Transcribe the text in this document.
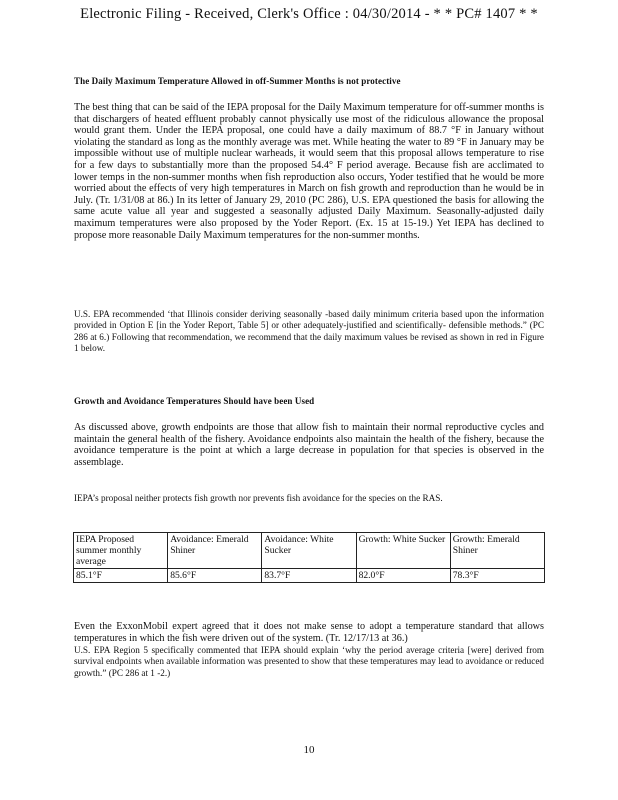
Electronic Filing - Received, Clerk's Office : 04/30/2014 - * * PC# 1407 * *
The Daily Maximum Temperature Allowed in off-Summer Months is not protective

The best thing that can be said of the IEPA proposal for the Daily Maximum temperature for off-summer months is that dischargers of heated effluent probably cannot physically use most of the ridiculous allowance the proposal would grant them. Under the IEPA proposal, one could have a daily maximum of 88.7 °F in January without violating the standard as long as the monthly average was met. While heating the water to 89 °F in January may be impossible without use of multiple nuclear warheads, it would seem that this proposal allows temperature to rise for a few days to substantially more than the proposed 54.4° F period average. Because fish are acclimated to lower temps in the non-summer months when fish reproduction also occurs, Yoder testified that he would be more worried about the effects of very high temperatures in March on fish growth and reproduction than he would be in July. (Tr. 1/31/08 at 86.) In its letter of January 29, 2010 (PC 286), U.S. EPA questioned the basis for allowing the same acute value all year and suggested a seasonally adjusted Daily Maximum. Seasonally-adjusted daily maximum temperatures were also proposed by the Yoder Report. (Ex. 15 at 15-19.) Yet IEPA has declined to propose more reasonable Daily Maximum temperatures for the non-summer months.

U.S. EPA recommended ‘that Illinois consider deriving seasonally -based daily minimum criteria based upon the information provided in Option E [in the Yoder Report, Table 5] or other adequately-justified and scientifically- defensible methods.” (PC 286 at 6.) Following that recommendation, we recommend that the daily maximum values be revised as shown in red in Figure 1 below.

Growth and Avoidance Temperatures Should have been Used

As discussed above, growth endpoints are those that allow fish to maintain their normal reproductive cycles and maintain the general health of the fishery. Avoidance endpoints also maintain the health of the fishery, because the avoidance temperature is the point at which a large decrease in population for that species is observed in the assemblage.

IEPA’s proposal neither protects fish growth nor prevents fish avoidance for the species on the RAS.

IEPA Proposed summer monthly average	Avoidance: Emerald Shiner	Avoidance: White Sucker	Growth: White Sucker	Growth: Emerald Shiner
85.1°F	85.6°F	83.7°F	82.0°F	78.3°F

Even the ExxonMobil expert agreed that it does not make sense to adopt a temperature standard that allows temperatures in which the fish were driven out of the system. (Tr. 12/17/13 at 36.)

U.S. EPA Region 5 specifically commented that IEPA should explain ‘why the period average criteria [were] derived from survival endpoints when available information was presented to show that these temperatures may lead to avoidance or reduced growth.” (PC 286 at 1 -2.)

10
